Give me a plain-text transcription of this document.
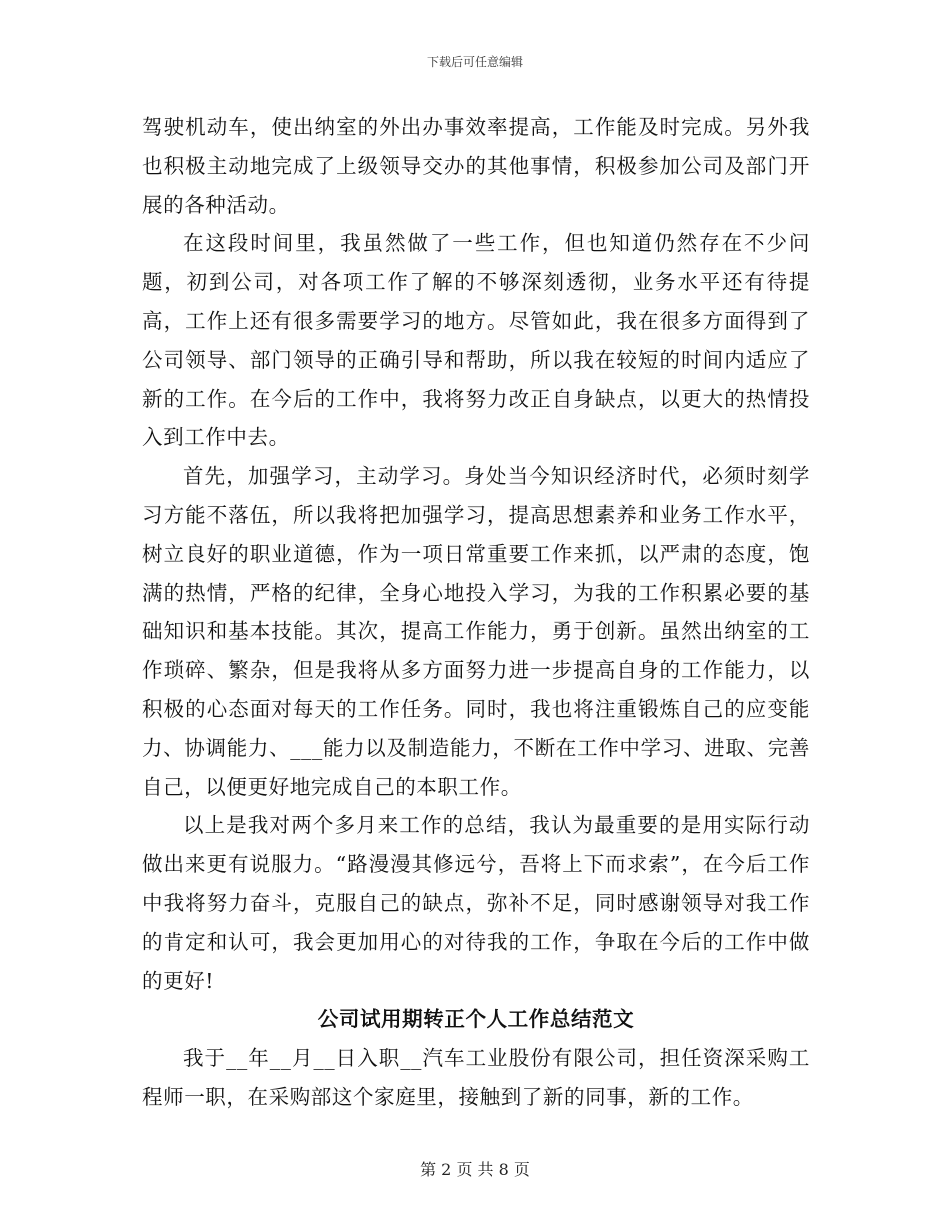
下载后可任意编辑

驾驶机动车，使出纳室的外出办事效率提高，工作能及时完成。另外我也积极主动地完成了上级领导交办的其他事情，积极参加公司及部门开展的各种活动。

在这段时间里，我虽然做了一些工作，但也知道仍然存在不少问题，初到公司，对各项工作了解的不够深刻透彻，业务水平还有待提高，工作上还有很多需要学习的地方。尽管如此，我在很多方面得到了公司领导、部门领导的正确引导和帮助，所以我在较短的时间内适应了新的工作。在今后的工作中，我将努力改正自身缺点，以更大的热情投入到工作中去。

首先，加强学习，主动学习。身处当今知识经济时代，必须时刻学习方能不落伍，所以我将把加强学习，提高思想素养和业务工作水平，树立良好的职业道德，作为一项日常重要工作来抓，以严肃的态度，饱满的热情，严格的纪律，全身心地投入学习，为我的工作积累必要的基础知识和基本技能。其次，提高工作能力，勇于创新。虽然出纳室的工作琐碎、繁杂，但是我将从多方面努力进一步提高自身的工作能力，以积极的心态面对每天的工作任务。同时，我也将注重锻炼自己的应变能力、协调能力、___能力以及制造能力，不断在工作中学习、进取、完善自己，以便更好地完成自己的本职工作。

以上是我对两个多月来工作的总结，我认为最重要的是用实际行动做出来更有说服力。“路漫漫其修远兮，吾将上下而求索”，在今后工作中我将努力奋斗，克服自己的缺点，弥补不足，同时感谢领导对我工作的肯定和认可，我会更加用心的对待我的工作，争取在今后的工作中做的更好!

公司试用期转正个人工作总结范文

我于__年__月__日入职__汽车工业股份有限公司，担任资深采购工程师一职，在采购部这个家庭里，接触到了新的同事，新的工作。

第 2 页 共 8 页
